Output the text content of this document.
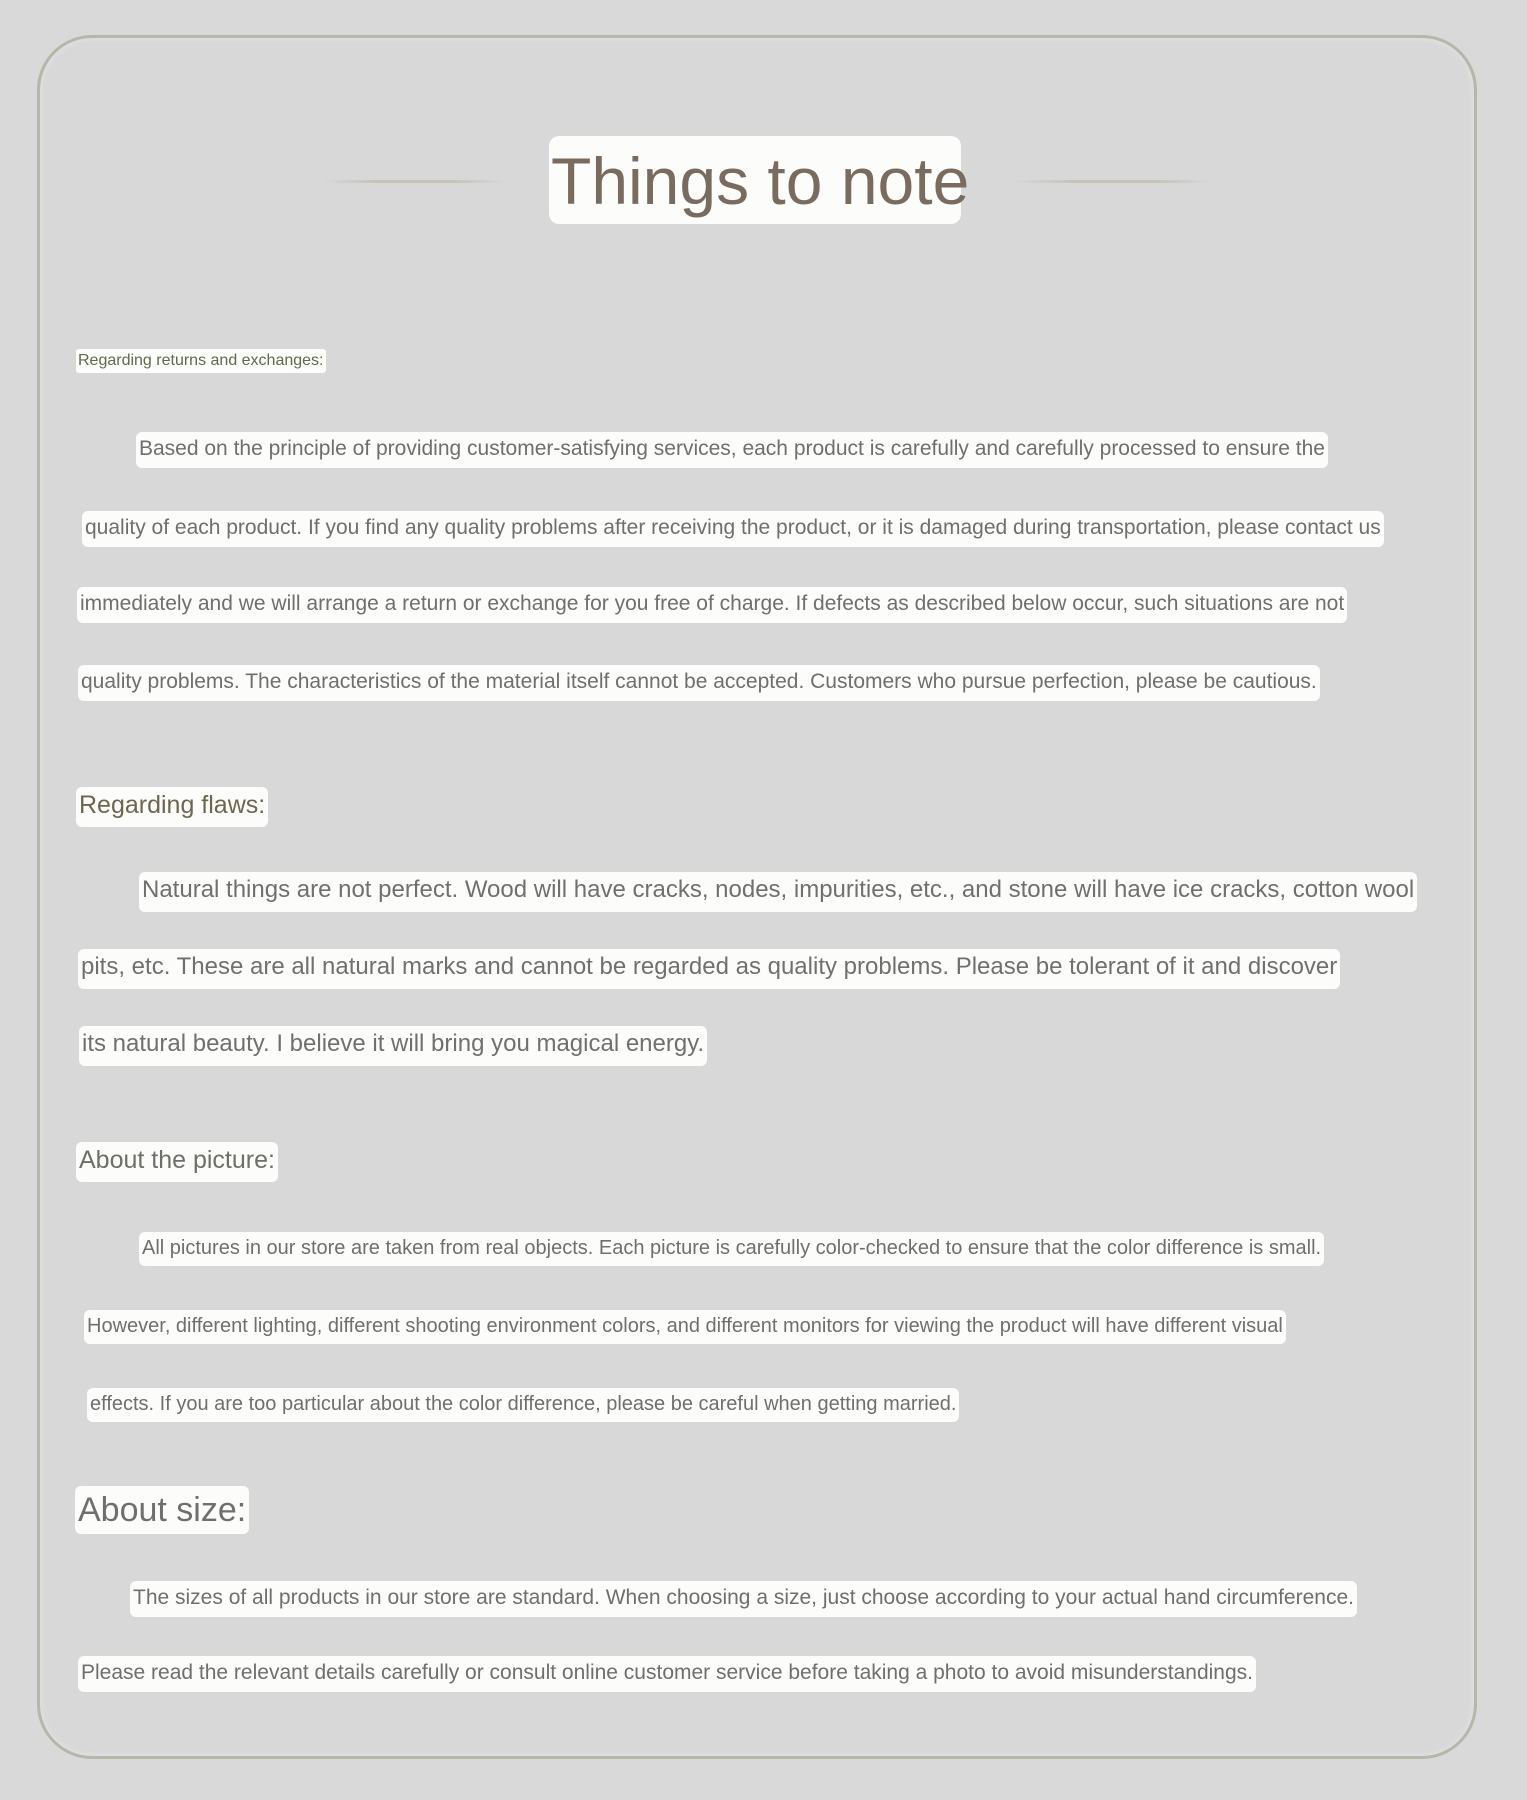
Things to note
Regarding returns and exchanges:
Based on the principle of providing customer-satisfying services, each product is carefully and carefully processed to ensure the
quality of each product. If you find any quality problems after receiving the product, or it is damaged during transportation, please contact us
immediately and we will arrange a return or exchange for you free of charge. If defects as described below occur, such situations are not
quality problems. The characteristics of the material itself cannot be accepted. Customers who pursue perfection, please be cautious.
Regarding flaws:
Natural things are not perfect. Wood will have cracks, nodes, impurities, etc., and stone will have ice cracks, cotton wool
pits, etc. These are all natural marks and cannot be regarded as quality problems. Please be tolerant of it and discover
its natural beauty. I believe it will bring you magical energy.
About the picture:
All pictures in our store are taken from real objects. Each picture is carefully color-checked to ensure that the color difference is small.
However, different lighting, different shooting environment colors, and different monitors for viewing the product will have different visual
effects. If you are too particular about the color difference, please be careful when getting married.
About size:
The sizes of all products in our store are standard. When choosing a size, just choose according to your actual hand circumference.
Please read the relevant details carefully or consult online customer service before taking a photo to avoid misunderstandings.
